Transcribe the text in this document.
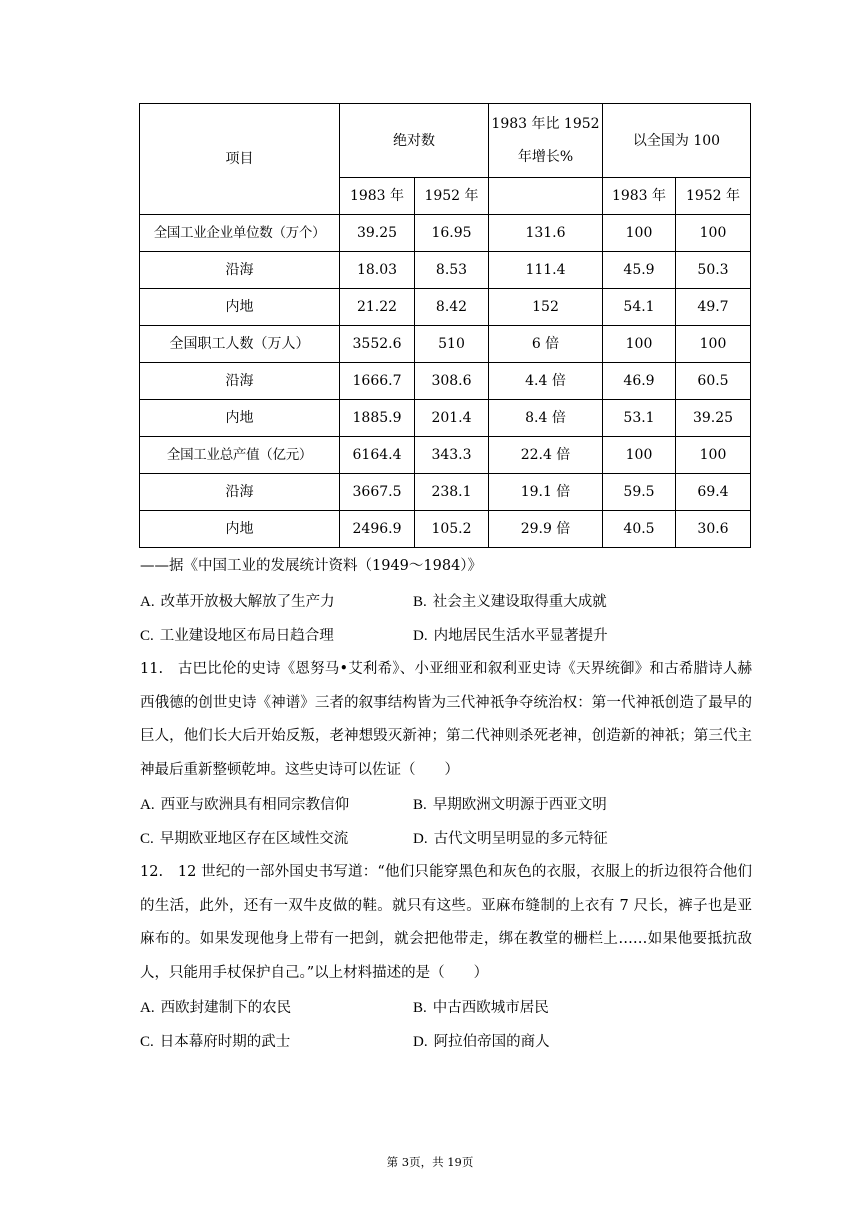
项目	绝对数		1983 年比 1952 年增长%	以全国为 100	
	1983 年	1952 年		1983 年	1952 年
全国工业企业单位数（万个）	39.25	16.95	131.6	100	100
沿海	18.03	8.53	111.4	45.9	50.3
内地	21.22	8.42	152	54.1	49.7
全国职工人数（万人）	3552.6	510	6 倍	100	100
沿海	1666.7	308.6	4.4 倍	46.9	60.5
内地	1885.9	201.4	8.4 倍	53.1	39.25
全国工业总产值（亿元）	6164.4	343.3	22.4 倍	100	100
沿海	3667.5	238.1	19.1 倍	59.5	69.4
内地	2496.9	105.2	29.9 倍	40.5	30.6
——据《中国工业的发展统计资料（1949～1984）》
A. 改革开放极大解放了生产力	B. 社会主义建设取得重大成就
C. 工业建设地区布局日趋合理	D. 内地居民生活水平显著提升
11.　古巴比伦的史诗《恩努马•艾利希》、小亚细亚和叙利亚史诗《天界统御》和古希腊诗人赫西俄德的创世史诗《神谱》三者的叙事结构皆为三代神祇争夺统治权：第一代神祇创造了最早的巨人，他们长大后开始反叛，老神想毁灭新神；第二代神则杀死老神，创造新的神祇；第三代主神最后重新整顿乾坤。这些史诗可以佐证（　　）
A. 西亚与欧洲具有相同宗教信仰	B. 早期欧洲文明源于西亚文明
C. 早期欧亚地区存在区域性交流	D. 古代文明呈明显的多元特征
12.　12 世纪的一部外国史书写道：“他们只能穿黑色和灰色的衣服，衣服上的折边很符合他们的生活，此外，还有一双牛皮做的鞋。就只有这些。亚麻布缝制的上衣有 7 尺长，裤子也是亚麻布的。如果发现他身上带有一把剑，就会把他带走，绑在教堂的栅栏上……如果他要抵抗敌人，只能用手杖保护自己。”以上材料描述的是（　　）
A. 西欧封建制下的农民	B. 中古西欧城市居民
C. 日本幕府时期的武士	D. 阿拉伯帝国的商人
第 3页，共 19页
